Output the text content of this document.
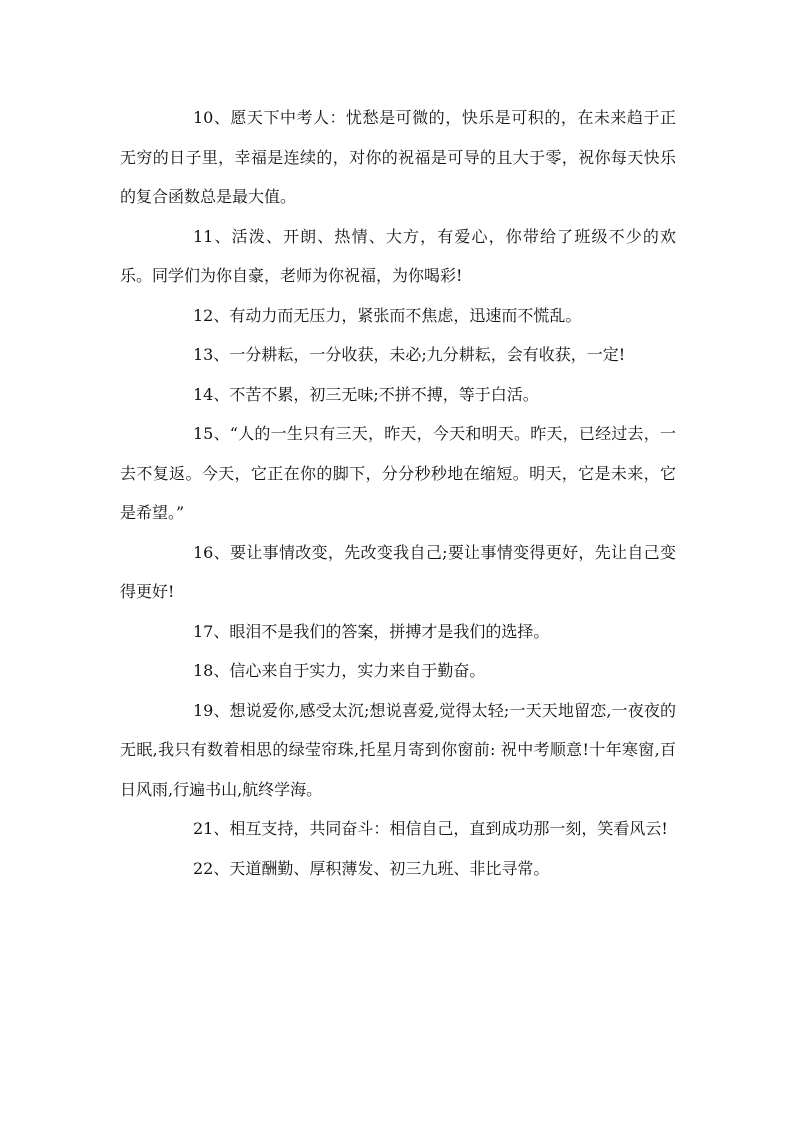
10、愿天下中考人：忧愁是可微的，快乐是可积的，在未来趋于正无穷的日子里，幸福是连续的，对你的祝福是可导的且大于零，祝你每天快乐的复合函数总是最大值。

11、活泼、开朗、热情、大方，有爱心，你带给了班级不少的欢乐。同学们为你自豪，老师为你祝福，为你喝彩!

12、有动力而无压力，紧张而不焦虑，迅速而不慌乱。

13、一分耕耘，一分收获，未必;九分耕耘，会有收获，一定!

14、不苦不累，初三无味;不拼不搏，等于白活。

15、“人的一生只有三天，昨天，今天和明天。昨天，已经过去，一去不复返。今天，它正在你的脚下，分分秒秒地在缩短。明天，它是未来，它是希望。”

16、要让事情改变，先改变我自己;要让事情变得更好，先让自己变得更好!

17、眼泪不是我们的答案，拼搏才是我们的选择。

18、信心来自于实力，实力来自于勤奋。

19、想说爱你,感受太沉;想说喜爱,觉得太轻;一天天地留恋,一夜夜的无眠,我只有数着相思的绿莹帘珠,托星月寄到你窗前: 祝中考顺意!十年寒窗,百日风雨,行遍书山,航终学海。

21、相互支持，共同奋斗：相信自己，直到成功那一刻，笑看风云!

22、天道酬勤、厚积薄发、初三九班、非比寻常。
